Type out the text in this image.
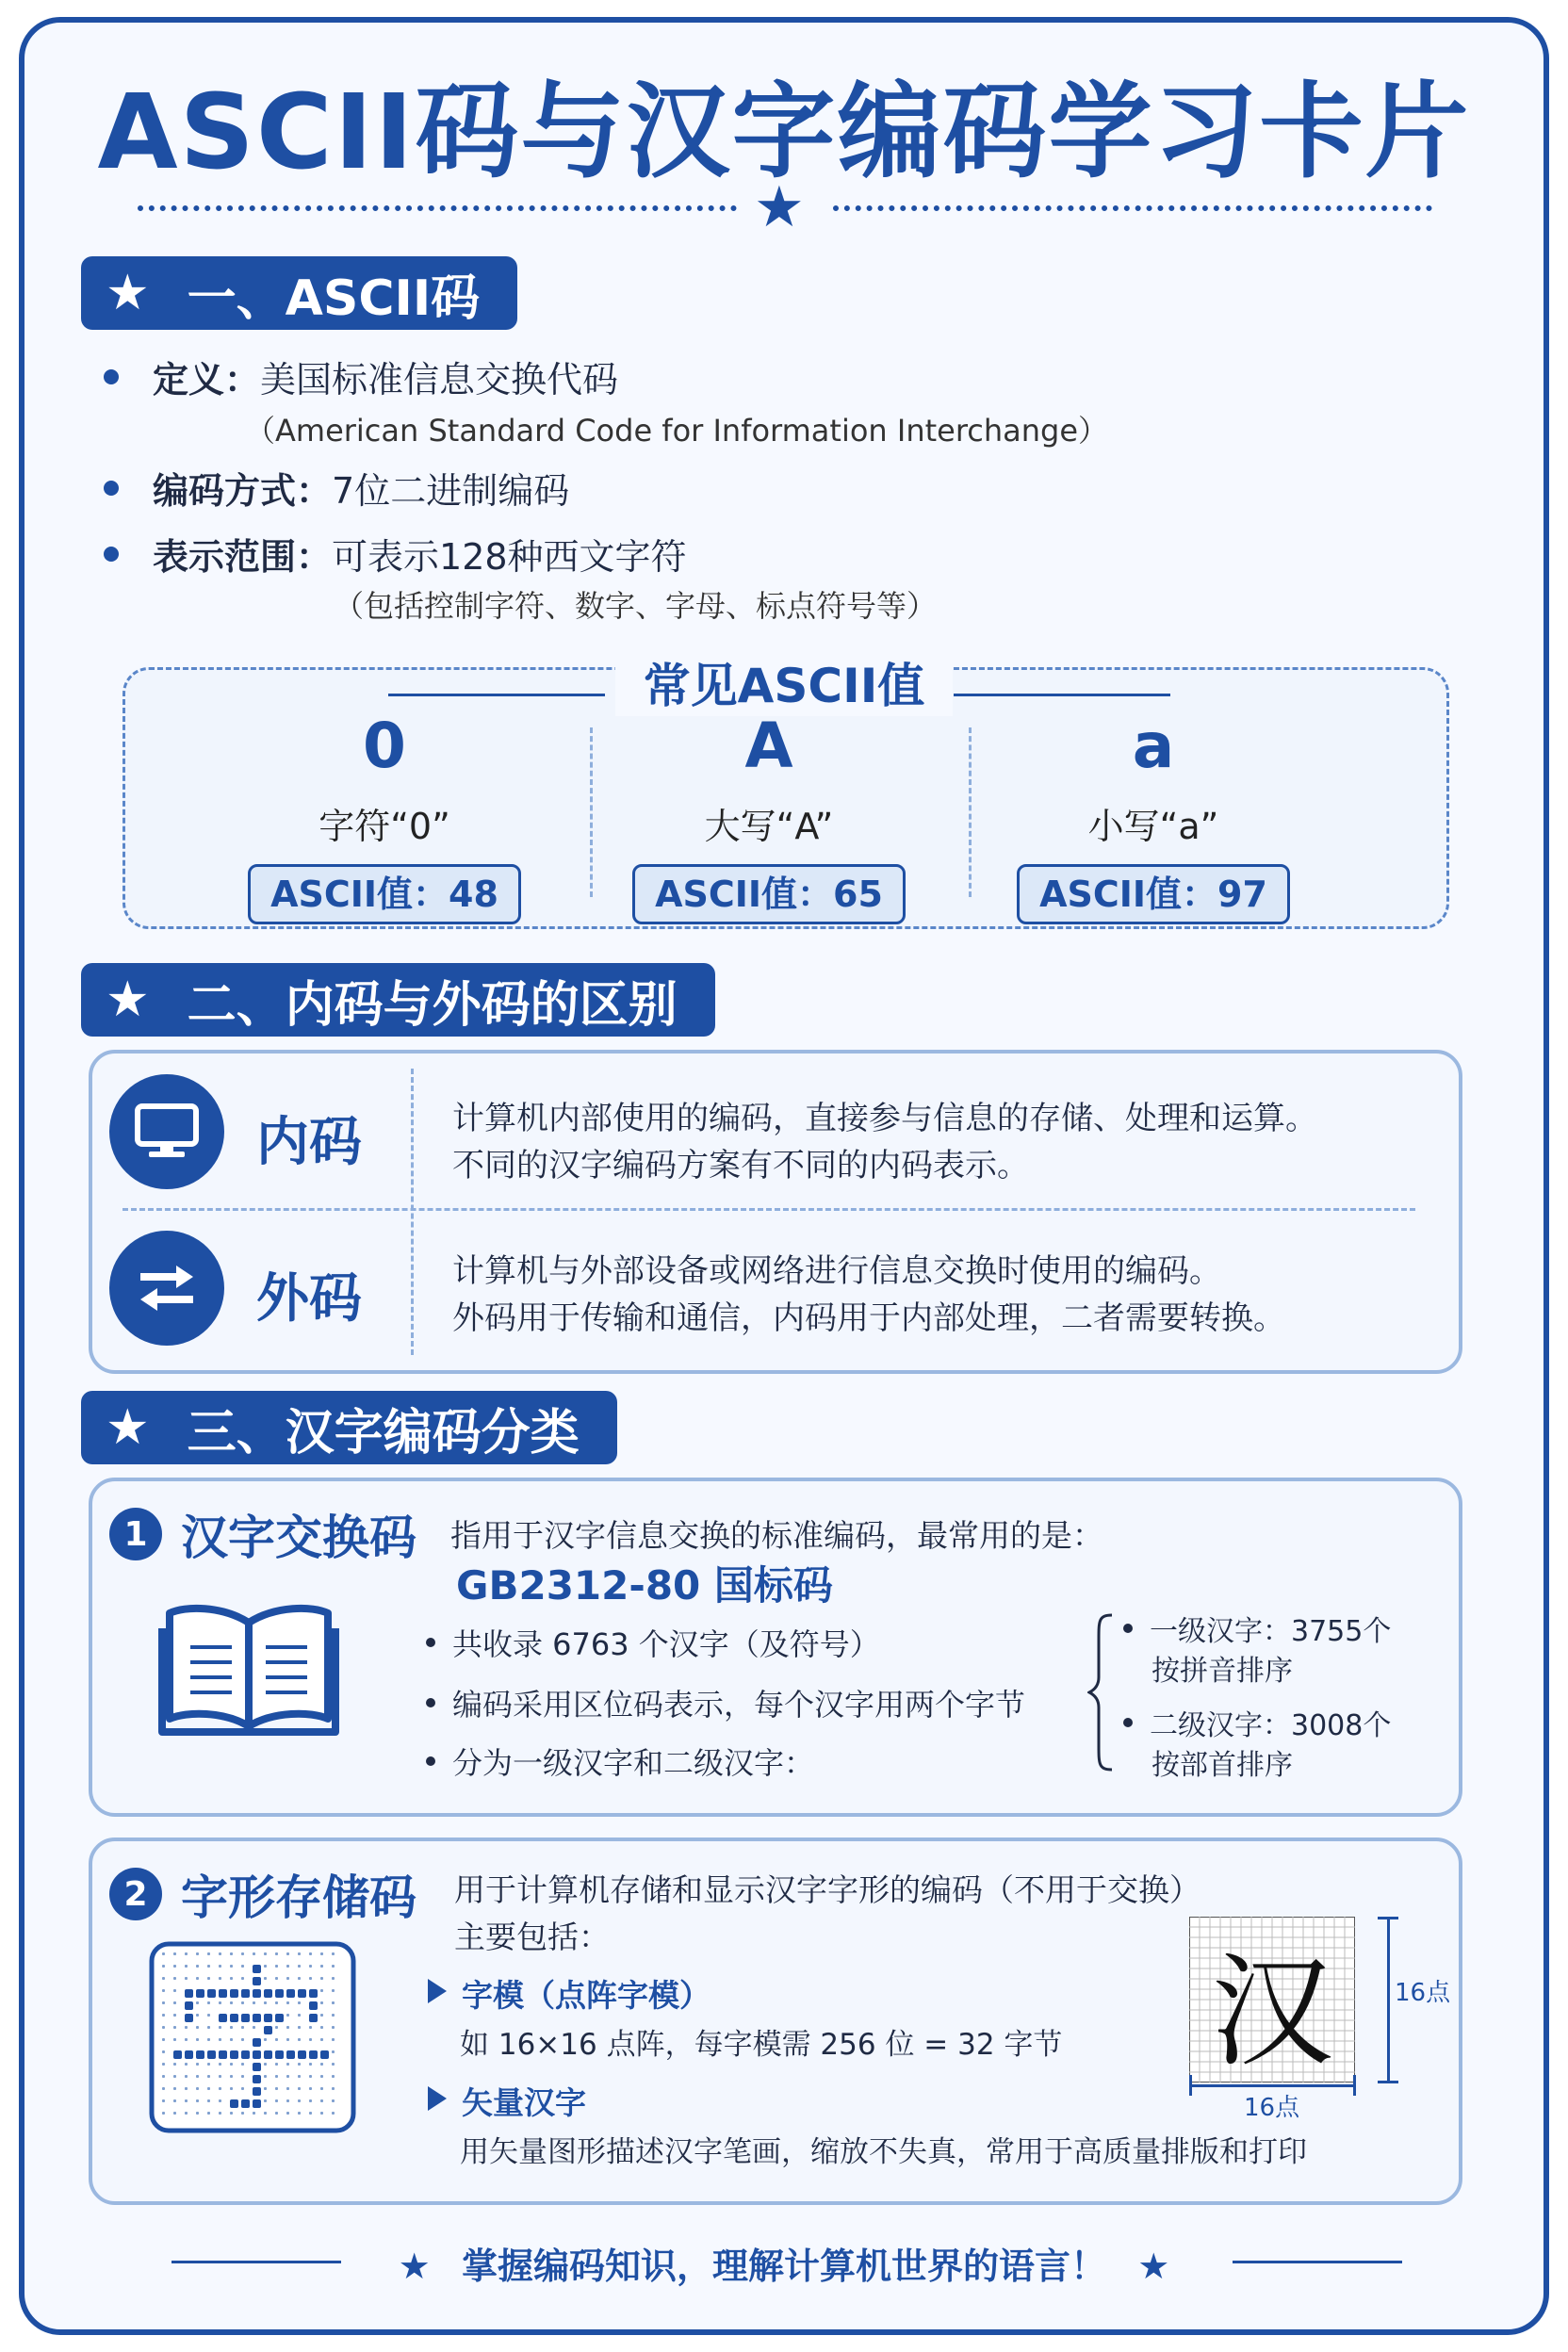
ASCII码与汉字编码学习卡片
★
★ 一、ASCII码
定义： 美国标准信息交换代码
（American Standard Code for Information Interchange）
编码方式： 7位二进制编码
表示范围： 可表示128种西文字符
（包括控制字符、数字、字母、标点符号等）
常见ASCII值
0
字符“0”
ASCII值：48
A
大写“A”
ASCII值：65
a
小写“a”
ASCII值：97
★ 二、内码与外码的区别
内码	计算机内部使用的编码，直接参与信息的存储、处理和运算。
不同的汉字编码方案有不同的内码表示。
外码	计算机与外部设备或网络进行信息交换时使用的编码。
外码用于传输和通信，内码用于内部处理，二者需要转换。
★ 三、汉字编码分类
1 汉字交换码 指用于汉字信息交换的标准编码，最常用的是：
GB2312-80 国标码
共收录 6763 个汉字（及符号）
编码采用区位码表示，每个汉字用两个字节
分为一级汉字和二级汉字：
一级汉字：3755个
按拼音排序
二级汉字：3008个
按部首排序
2 字形存储码 用于计算机存储和显示汉字字形的编码（不用于交换）
主要包括：
字模（点阵字模）
如 16×16 点阵，每字模需 256 位 = 32 字节
矢量汉字
用矢量图形描述汉字笔画，缩放不失真，常用于高质量排版和打印
汉	16点
16点
★ 掌握编码知识，理解计算机世界的语言！ ★
